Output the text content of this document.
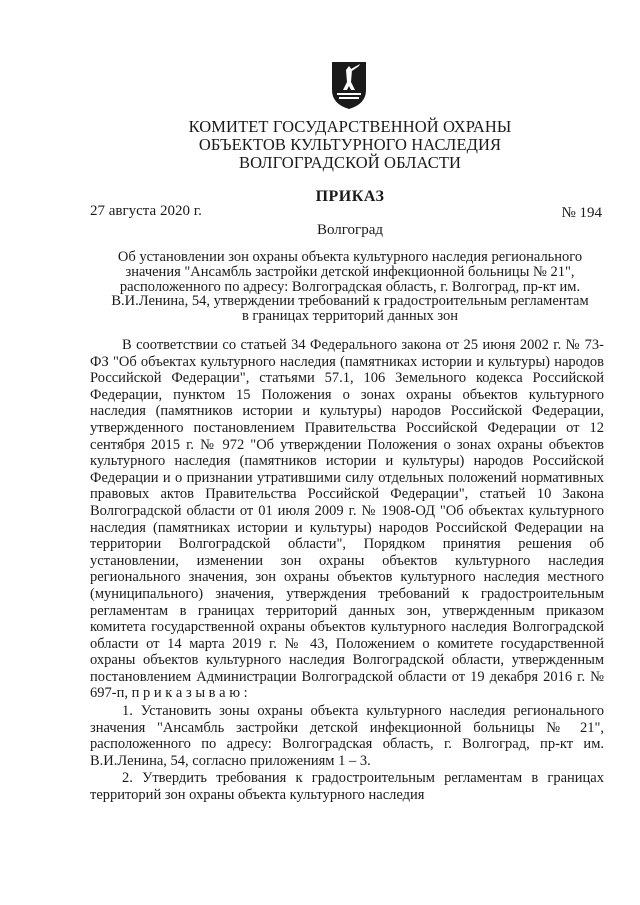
КОМИТЕТ ГОСУДАРСТВЕННОЙ ОХРАНЫ
ОБЪЕКТОВ КУЛЬТУРНОГО НАСЛЕДИЯ
ВОЛГОГРАДСКОЙ ОБЛАСТИ
ПРИКАЗ
27 августа 2020 г.	№ 194
Волгоград
Об установлении зон охраны объекта культурного наследия регионального значения "Ансамбль застройки детской инфекционной больницы № 21", расположенного по адресу: Волгоградская область, г. Волгоград, пр-кт им. В.И.Ленина, 54, утверждении требований к градостроительным регламентам в границах территорий данных зон

В соответствии со статьей 34 Федерального закона от 25 июня 2002 г. № 73-ФЗ "Об объектах культурного наследия (памятниках истории и культуры) народов Российской Федерации", статьями 57.1, 106 Земельного кодекса Российской Федерации, пунктом 15 Положения о зонах охраны объектов культурного наследия (памятников истории и культуры) народов Российской Федерации, утвержденного постановлением Правительства Российской Федерации от 12 сентября 2015 г. № 972 "Об утверждении Положения о зонах охраны объектов культурного наследия (памятников истории и культуры) народов Российской Федерации и о признании утратившими силу отдельных положений нормативных правовых актов Правительства Российской Федерации", статьей 10 Закона Волгоградской области от 01 июля 2009 г. № 1908-ОД "Об объектах культурного наследия (памятниках истории и культуры) народов Российской Федерации на территории Волгоградской области", Порядком принятия решения об установлении, изменении зон охраны объектов культурного наследия регионального значения, зон охраны объектов культурного наследия местного (муниципального) значения, утверждения требований к градостроительным регламентам в границах территорий данных зон, утвержденным приказом комитета государственной охраны объектов культурного наследия Волгоградской области от 14 марта 2019 г. № 43, Положением о комитете государственной охраны объектов культурного наследия Волгоградской области, утвержденным постановлением Администрации Волгоградской области от 19 декабря 2016 г. № 697-п, п р и к а з ы в а ю :

1. Установить зоны охраны объекта культурного наследия регионального значения "Ансамбль застройки детской инфекционной больницы № 21", расположенного по адресу: Волгоградская область, г. Волгоград, пр-кт им. В.И.Ленина, 54, согласно приложениям 1 – 3.

2. Утвердить требования к градостроительным регламентам в границах территорий зон охраны объекта культурного наследия
